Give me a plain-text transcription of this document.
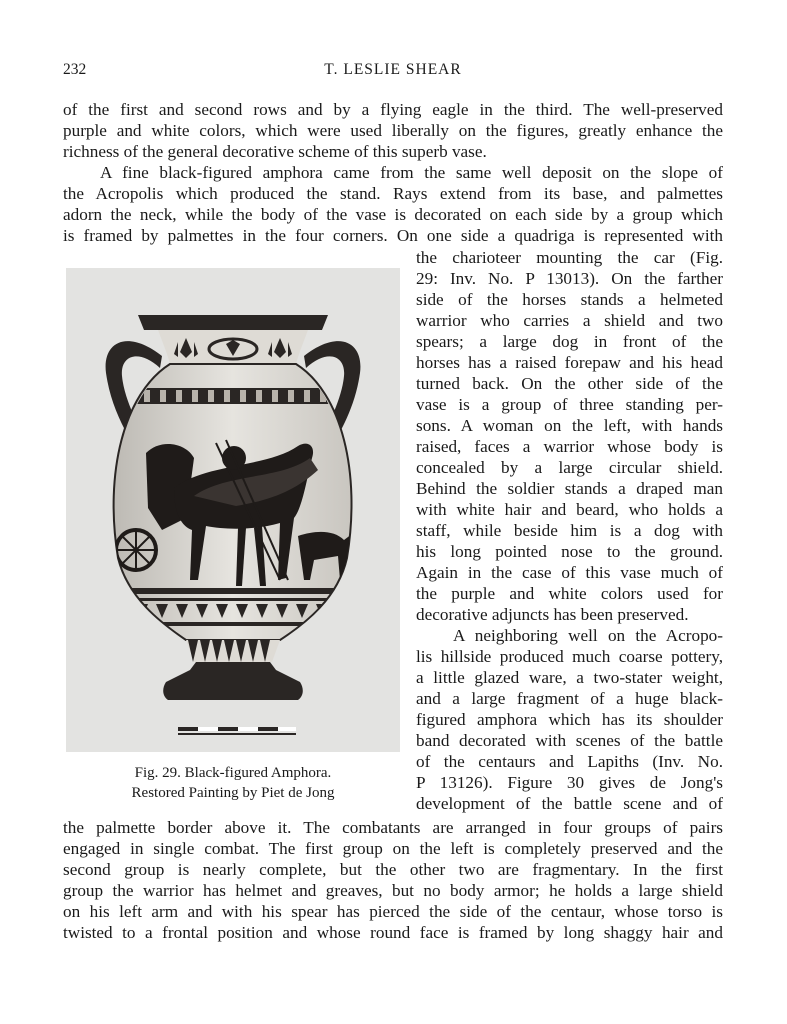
232	T. LESLIE SHEAR
of the first and second rows and by a flying eagle in the third. The well-preserved
purple and white colors, which were used liberally on the figures, greatly enhance the
richness of the general decorative scheme of this superb vase.
A fine black-figured amphora came from the same well deposit on the slope of
the Acropolis which produced the stand. Rays extend from its base, and palmettes
adorn the neck, while the body of the vase is decorated on each side by a group which
is framed by palmettes in the four corners. On one side a quadriga is represented with
the charioteer mounting the car (Fig.
29: Inv. No. P 13013). On the farther
side of the horses stands a helmeted
warrior who carries a shield and two
spears; a large dog in front of the
horses has a raised forepaw and his head
turned back. On the other side of the
vase is a group of three standing per-
sons. A woman on the left, with hands
raised, faces a warrior whose body is
concealed by a large circular shield.
Behind the soldier stands a draped man
with white hair and beard, who holds a
staff, while beside him is a dog with
his long pointed nose to the ground.
Again in the case of this vase much of
the purple and white colors used for
decorative adjuncts has been preserved.
A neighboring well on the Acropo-
lis hillside produced much coarse pottery,
a little glazed ware, a two-stater weight,
and a large fragment of a huge black-
figured amphora which has its shoulder
band decorated with scenes of the battle
of the centaurs and Lapiths (Inv. No.
P 13126). Figure 30 gives de Jong's
development of the battle scene and of
the palmette border above it. The combatants are arranged in four groups of pairs
engaged in single combat. The first group on the left is completely preserved and the
second group is nearly complete, but the other two are fragmentary. In the first
group the warrior has helmet and greaves, but no body armor; he holds a large shield
on his left arm and with his spear has pierced the side of the centaur, whose torso is
twisted to a frontal position and whose round face is framed by long shaggy hair and
Fig. 29. Black-figured Amphora.
Restored Painting by Piet de Jong
